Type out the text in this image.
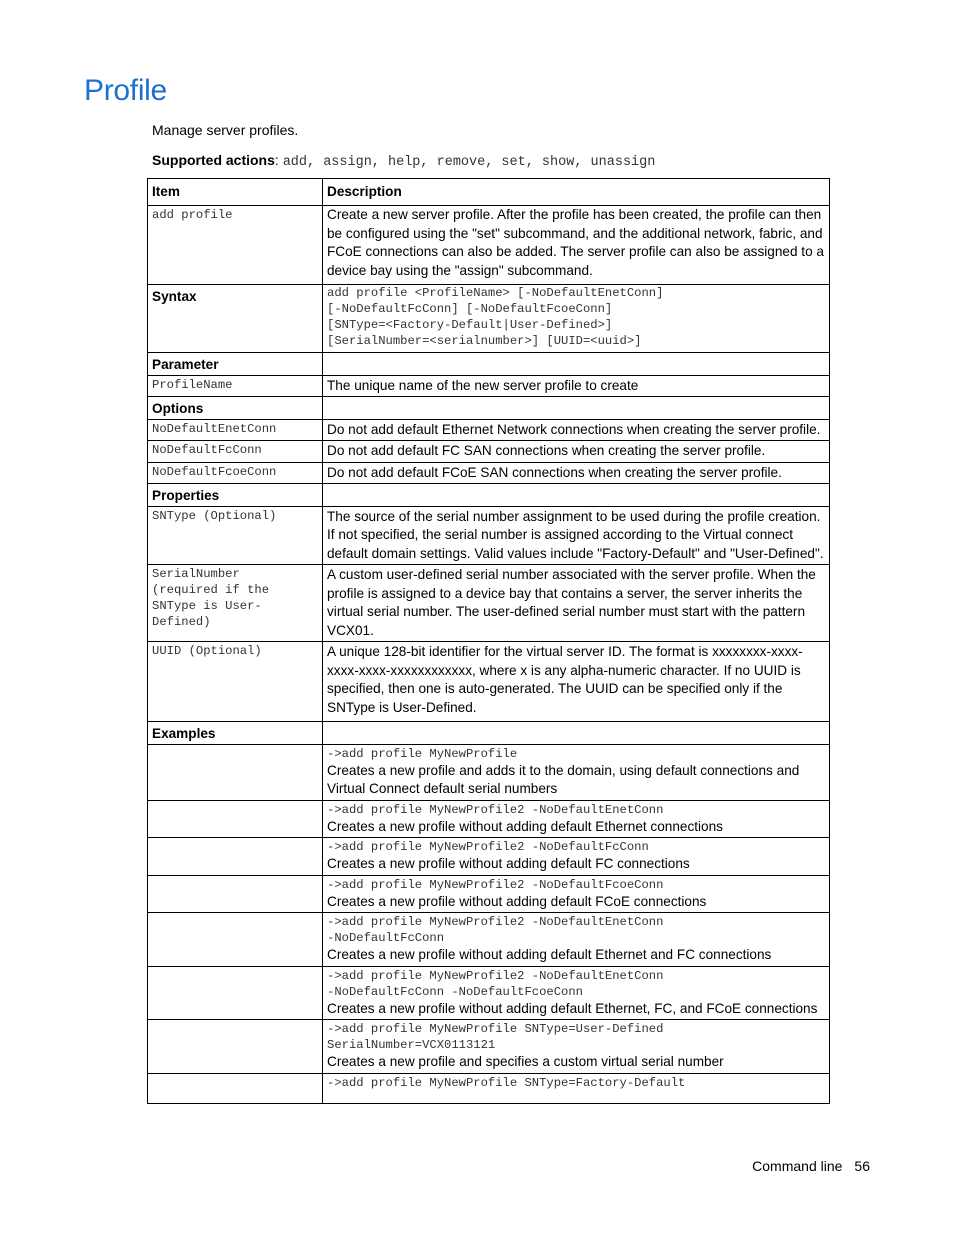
Profile
Manage server profiles.
Supported actions: add, assign, help, remove, set, show, unassign
Item	Description
add profile	Create a new server profile. After the profile has been created, the profile can then be configured using the "set" subcommand, and the additional network, fabric, and FCoE connections can also be added. The server profile can also be assigned to a device bay using the "assign" subcommand.
Syntax	add profile <ProfileName> [-NoDefaultEnetConn]
[-NoDefaultFcConn] [-NoDefaultFcoeConn]
[SNType=<Factory-Default|User-Defined>]
[SerialNumber=<serialnumber>] [UUID=<uuid>]

Parameter	
ProfileName	The unique name of the new server profile to create
Options	
NoDefaultEnetConn	Do not add default Ethernet Network connections when creating the server profile.
NoDefaultFcConn	Do not add default FC SAN connections when creating the server profile.
NoDefaultFcoeConn	Do not add default FCoE SAN connections when creating the server profile.
Properties	
SNType (Optional)	The source of the serial number assignment to be used during the profile creation. If not specified, the serial number is assigned according to the Virtual connect default domain settings. Valid values include "Factory-Default" and "User-Defined".
SerialNumber (required if the SNType is User-Defined)	A custom user-defined serial number associated with the server profile. When the profile is assigned to a device bay that contains a server, the server inherits the virtual serial number. The user-defined serial number must start with the pattern VCX01.
UUID (Optional)	A unique 128-bit identifier for the virtual server ID. The format is xxxxxxxx-xxxx-xxxx-xxxx-xxxxxxxxxxxx, where x is any alpha-numeric character. If no UUID is specified, then one is auto-generated. The UUID can be specified only if the SNType is User-Defined.
Examples	

	->add profile MyNewProfile
Creates a new profile and adds it to the domain, using default connections and Virtual Connect default serial numbers

	->add profile MyNewProfile2 -NoDefaultEnetConn
Creates a new profile without adding default Ethernet connections

	->add profile MyNewProfile2 -NoDefaultFcConn
Creates a new profile without adding default FC connections

	->add profile MyNewProfile2 -NoDefaultFcoeConn
Creates a new profile without adding default FCoE connections

	->add profile MyNewProfile2 -NoDefaultEnetConn
-NoDefaultFcConn
Creates a new profile without adding default Ethernet and FC connections

	->add profile MyNewProfile2 -NoDefaultEnetConn
-NoDefaultFcConn -NoDefaultFcoeConn
Creates a new profile without adding default Ethernet, FC, and FCoE connections

	->add profile MyNewProfile SNType=User-Defined
SerialNumber=VCX0113121
Creates a new profile and specifies a custom virtual serial number

	->add profile MyNewProfile SNType=Factory-Default
Command line 56
